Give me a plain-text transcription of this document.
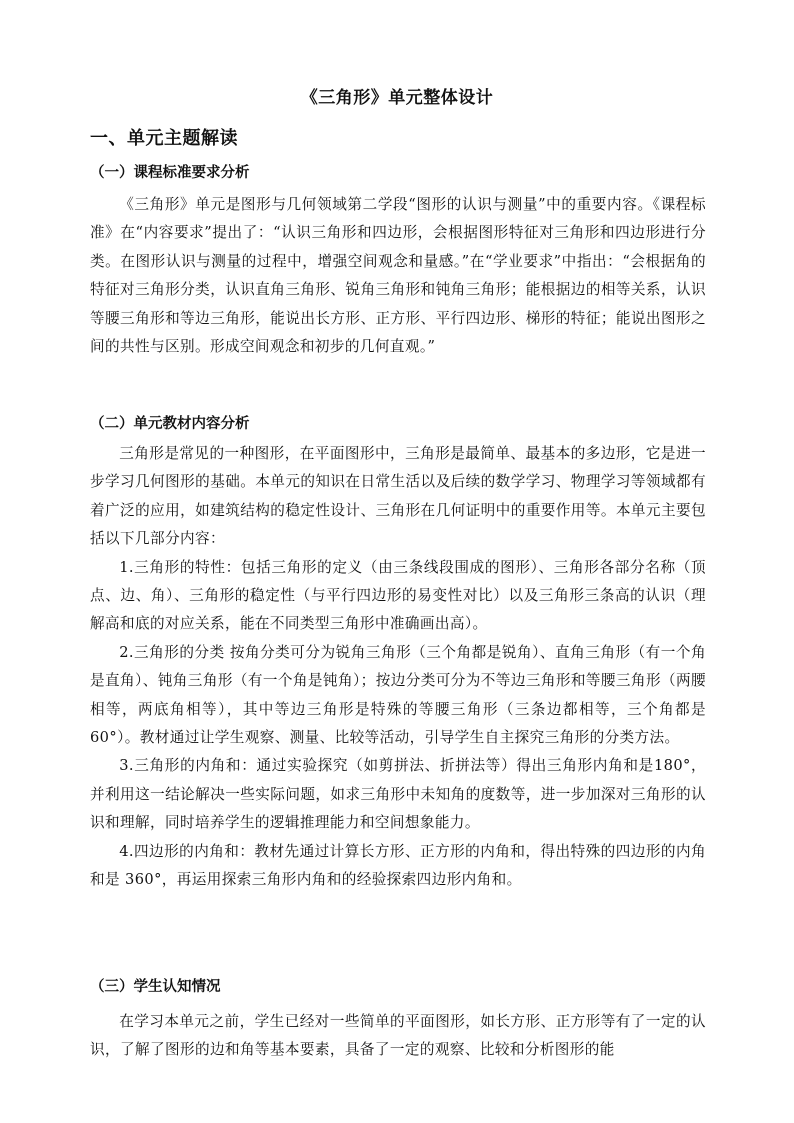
《三角形》单元整体设计
一、单元主题解读

（一）课程标准要求分析

《三角形》单元是图形与几何领域第二学段“图形的认识与测量”中的重要内容。《课程标准》在“内容要求”提出了：“认识三角形和四边形，会根据图形特征对三角形和四边形进行分类。在图形认识与测量的过程中，增强空间观念和量感。”在“学业要求”中指出：“会根据角的特征对三角形分类，认识直角三角形、锐角三角形和钝角三角形；能根据边的相等关系，认识等腰三角形和等边三角形，能说出长方形、正方形、平行四边形、梯形的特征；能说出图形之间的共性与区别。形成空间观念和初步的几何直观。”

（二）单元教材内容分析

三角形是常见的一种图形，在平面图形中，三角形是最简单、最基本的多边形，它是进一步学习几何图形的基础。本单元的知识在日常生活以及后续的数学学习、物理学习等领域都有着广泛的应用，如建筑结构的稳定性设计、三角形在几何证明中的重要作用等。本单元主要包括以下几部分内容：

1.三角形的特性：包括三角形的定义（由三条线段围成的图形）、三角形各部分名称（顶点、边、角）、三角形的稳定性（与平行四边形的易变性对比）以及三角形三条高的认识（理解高和底的对应关系，能在不同类型三角形中准确画出高）。

2.三角形的分类 按角分类可分为锐角三角形（三个角都是锐角）、直角三角形（有一个角是直角）、钝角三角形（有一个角是钝角）；按边分类可分为不等边三角形和等腰三角形（两腰相等，两底角相等），其中等边三角形是特殊的等腰三角形（三条边都相等，三个角都是 60°）。教材通过让学生观察、测量、比较等活动，引导学生自主探究三角形的分类方法。

3.三角形的内角和：通过实验探究（如剪拼法、折拼法等）得出三角形内角和是180°，并利用这一结论解决一些实际问题，如求三角形中未知角的度数等，进一步加深对三角形的认识和理解，同时培养学生的逻辑推理能力和空间想象能力。

4.四边形的内角和：教材先通过计算长方形、正方形的内角和，得出特殊的四边形的内角和是 360°，再运用探索三角形内角和的经验探索四边形内角和。

（三）学生认知情况

在学习本单元之前，学生已经对一些简单的平面图形，如长方形、正方形等有了一定的认识，了解了图形的边和角等基本要素，具备了一定的观察、比较和分析图形的能
